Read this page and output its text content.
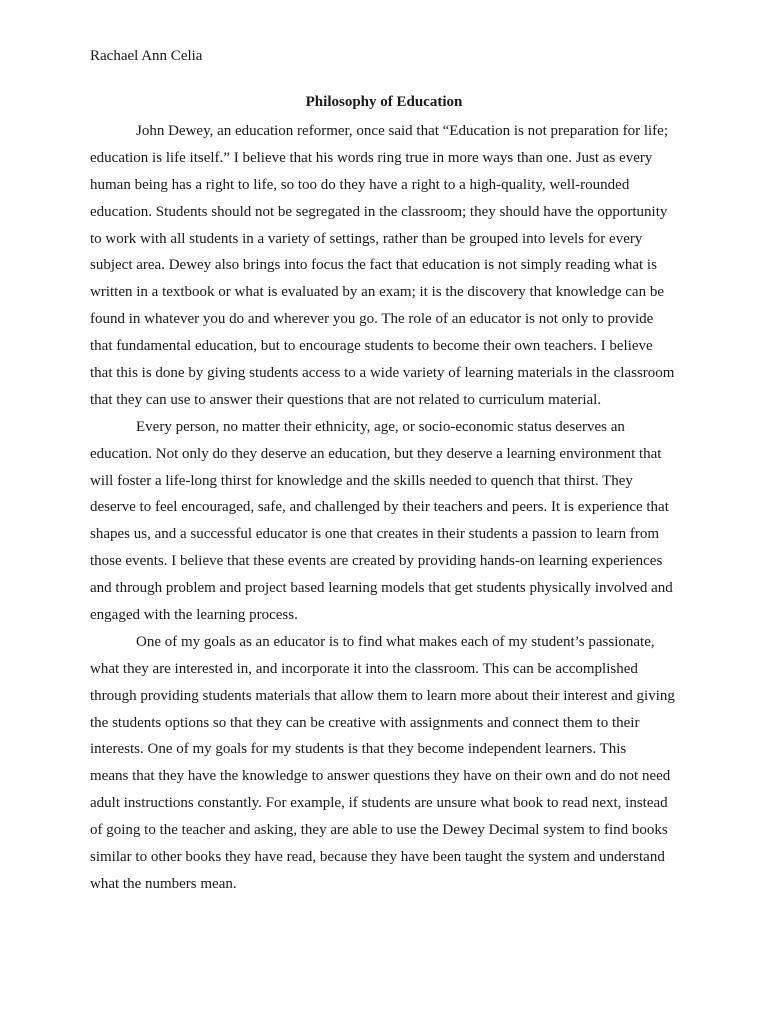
Rachael Ann Celia
Philosophy of Education
John Dewey, an education reformer, once said that “Education is not preparation for life;
education is life itself.” I believe that his words ring true in more ways than one. Just as every
human being has a right to life, so too do they have a right to a high-quality, well-rounded
education. Students should not be segregated in the classroom; they should have the opportunity
to work with all students in a variety of settings, rather than be grouped into levels for every
subject area. Dewey also brings into focus the fact that education is not simply reading what is
written in a textbook or what is evaluated by an exam; it is the discovery that knowledge can be
found in whatever you do and wherever you go. The role of an educator is not only to provide
that fundamental education, but to encourage students to become their own teachers. I believe
that this is done by giving students access to a wide variety of learning materials in the classroom
that they can use to answer their questions that are not related to curriculum material.
Every person, no matter their ethnicity, age, or socio-economic status deserves an
education. Not only do they deserve an education, but they deserve a learning environment that
will foster a life-long thirst for knowledge and the skills needed to quench that thirst. They
deserve to feel encouraged, safe, and challenged by their teachers and peers. It is experience that
shapes us, and a successful educator is one that creates in their students a passion to learn from
those events. I believe that these events are created by providing hands-on learning experiences
and through problem and project based learning models that get students physically involved and
engaged with the learning process.
One of my goals as an educator is to find what makes each of my student’s passionate,
what they are interested in, and incorporate it into the classroom. This can be accomplished
through providing students materials that allow them to learn more about their interest and giving
the students options so that they can be creative with assignments and connect them to their
interests. One of my goals for my students is that they become independent learners. This
means that they have the knowledge to answer questions they have on their own and do not need
adult instructions constantly. For example, if students are unsure what book to read next, instead
of going to the teacher and asking, they are able to use the Dewey Decimal system to find books
similar to other books they have read, because they have been taught the system and understand
what the numbers mean.
